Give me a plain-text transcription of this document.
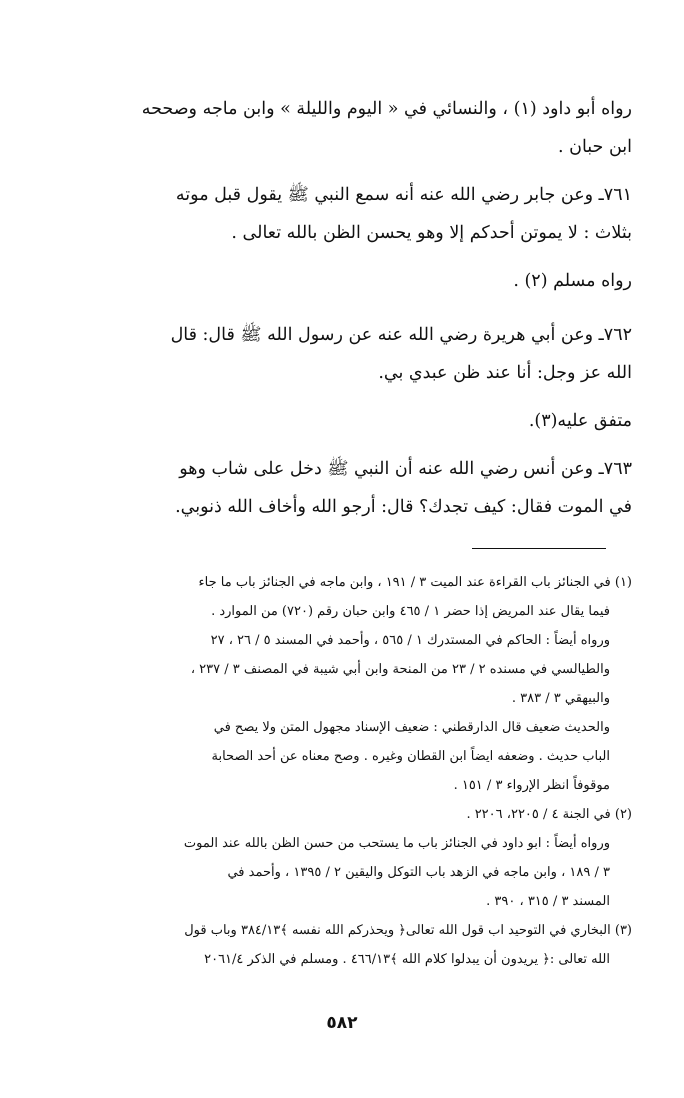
رواه أبو داود (١) ، والنسائي في « اليوم والليلة » وابن ماجه وصححه

ابن حبان .

٧٦١ـ وعن جابر رضي الله عنه أنه سمع النبي ﷺ يقول قبل موته

بثلاث : لا يموتن أحدكم إلا وهو يحسن الظن بالله تعالى .

رواه مسلم (٢) .

٧٦٢ـ وعن أبي هريرة رضي الله عنه عن رسول الله ﷺ قال: قال

الله عز وجل: أنا عند ظن عبدي بي.

متفق عليه(٣).

٧٦٣ـ وعن أنس رضي الله عنه أن النبي ﷺ دخل على شاب وهو

في الموت فقال: كيف تجدك؟ قال: أرجو الله وأخاف الله ذنوبي.

(١) في الجنائز باب القراءة عند الميت ٣ / ١٩١ ، وابن ماجه في الجنائز باب ما جاء

فيما يقال عند المريض إذا حضر ١ / ٤٦٥ وابن حبان رقم (٧٢٠) من الموارد .

ورواه أيضاً : الحاكم في المستدرك ١ / ٥٦٥ ، وأحمد في المسند ٥ / ٢٦ ، ٢٧

والطيالسي في مسنده ٢ / ٢٣ من المنحة وابن أبي شيبة في المصنف ٣ / ٢٣٧ ،

والبيهقي ٣ / ٣٨٣ .

والحديث ضعيف قال الدارقطني : ضعيف الإسناد مجهول المتن ولا يصح في

الباب حديث . وضعفه ايضاً ابن القطان وغيره . وصح معناه عن أحد الصحابة

موقوفاً انظر الإرواء ٣ / ١٥١ .

(٢) في الجنة ٤ / ٢٢٠٥، ٢٢٠٦ .

ورواه أيضاً : ابو داود في الجنائز باب ما يستحب من حسن الظن بالله عند الموت

٣ / ١٨٩ ، وابن ماجه في الزهد باب التوكل واليقين ٢ / ١٣٩٥ ، وأحمد في

المسند ٣ / ٣١٥ ، ٣٩٠ .

(٣) البخاري في التوحيد اب قول الله تعالى﴿ ويحذركم الله نفسه ﴾٣٨٤/١٣ وباب قول

الله تعالى :﴿ يريدون أن يبدلوا كلام الله ﴾٤٦٦/١٣ . ومسلم في الذكر ٢٠٦١/٤

٥٨٢
